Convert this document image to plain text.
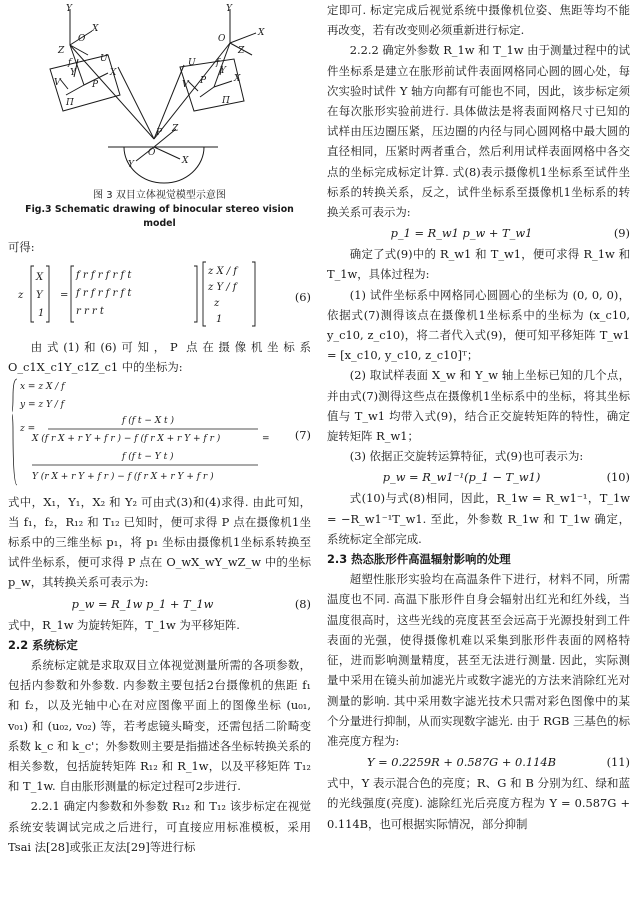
Y
X
Z
O
f
Y	X
U
V	P
Π
Y
X
Z
O
f
Y
X
U
V P
Π
P Z
X
Y
O

图 3 双目立体视觉模型示意图

Fig.3 Schematic drawing of binocular stereo vision model

可得:

z
X
Y
1
=
f r f r f r f t
f r f r f r f t
r r r t
z X / f
z Y / f
z
1
(6)

由式(1)和(6)可知，P 点在摄像机坐标系 O_c1X_c1Y_c1Z_c1 中的坐标为:

x = z X / f
y = z Y / f
z =
f (f t − X t )
X (f r X + r Y + f r ) − f (f r X + r Y + f r )
f (f t − Y t )
Y (r X + r Y + f r ) − f (f r X + r Y + f r )
=	(7)

式中，X₁，Y₁，X₂ 和 Y₂ 可由式(3)和(4)求得. 由此可知，当 f₁，f₂，R₁₂ 和 T₁₂ 已知时，便可求得 P 点在摄像机1坐标系中的三维坐标 p₁，将 p₁ 坐标由摄像机1坐标系转换至试件坐标系，便可求得 P 点在 O_wX_wY_wZ_w 中的坐标 p_w，其转换关系可表示为:

p_w = R_1w p_1 + T_1w	(8)

式中，R_1w 为旋转矩阵，T_1w 为平移矩阵.

2.2 系统标定

系统标定就是求取双目立体视觉测量所需的各项参数，包括内参数和外参数. 内参数主要包括2台摄像机的焦距 f₁ 和 f₂，以及光轴中心在对应图像平面上的图像坐标 (u₀₁, v₀₁) 和 (u₀₂, v₀₂) 等，若考虑镜头畸变，还需包括二阶畸变系数 k_c 和 k_c'；外参数则主要是指描述各坐标转换关系的相关参数，包括旋转矩阵 R₁₂ 和 R_1w，以及平移矩阵 T₁₂ 和 T_1w. 自由胀形测量的标定过程可2步进行.

2.2.1 确定内参数和外参数 R₁₂ 和 T₁₂ 该步标定在视觉系统安装调试完成之后进行，可直接应用标准模板，采用 Tsai 法[28]或张正友法[29]等进行标

定即可. 标定完成后视觉系统中摄像机位姿、焦距等均不能再改变，若有改变则必须重新进行标定.

2.2.2 确定外参数 R_1w 和 T_1w 由于测量过程中的试件坐标系是建立在胀形前试件表面网格同心圆的圆心处，每次实验时试件 Y 轴方向都有可能也不同，因此，该步标定须在每次胀形实验前进行. 具体做法是将表面网格尺寸已知的试样由压边圈压紧，压边圈的内径与同心圆网格中最大圆的直径相同，压紧时两者重合，然后利用试样表面网格中各交点的坐标完成标定计算. 式(8)表示摄像机1坐标系至试件坐标系的转换关系，反之，试件坐标系至摄像机1坐标系的转换关系可表示为:

p_1 = R_w1 p_w + T_w1	(9)

确定了式(9)中的 R_w1 和 T_w1，便可求得 R_1w 和 T_1w，具体过程为:

(1) 试件坐标系中网格同心圆圆心的坐标为 (0, 0, 0)，依据式(7)测得该点在摄像机1坐标系中的坐标为 (x_c10, y_c10, z_c10)，将二者代入式(9)，便可知平移矩阵 T_w1 = [x_c10, y_c10, z_c10]ᵀ；

(2) 取试样表面 X_w 和 Y_w 轴上坐标已知的几个点，并由式(7)测得这些点在摄像机1坐标系中的坐标，将其坐标值与 T_w1 均带入式(9)，结合正交旋转矩阵的特性，确定旋转矩阵 R_w1；

(3) 依据正交旋转运算特征，式(9)也可表示为:

p_w = R_w1⁻¹(p_1 − T_w1)	(10)

式(10)与式(8)相同，因此，R_1w = R_w1⁻¹，T_1w = −R_w1⁻¹T_w1. 至此，外参数 R_1w 和 T_1w 确定，系统标定全部完成.

2.3 热态胀形件高温辐射影响的处理

超塑性胀形实验均在高温条件下进行，材料不同，所需温度也不同. 高温下胀形件自身会辐射出红光和红外线，当温度很高时，这些光线的亮度甚至会远高于光源投射到工件表面的光强，使得摄像机难以采集到胀形件表面的网格特征，进而影响测量精度，甚至无法进行测量. 因此，实际测量中采用在镜头前加滤光片或数字滤光的方法来消除红光对测量的影响. 其中采用数字滤光技术只需对彩色图像中的某个分量进行抑制，从而实现数字滤光. 由于 RGB 三基色的标准亮度方程为:

Y = 0.2259R + 0.587G + 0.114B	(11)

式中，Y 表示混合色的亮度；R、G 和 B 分别为红、绿和蓝的光线强度(亮度). 滤除红光后亮度方程为 Y = 0.587G + 0.114B，也可根据实际情况，部分抑制
